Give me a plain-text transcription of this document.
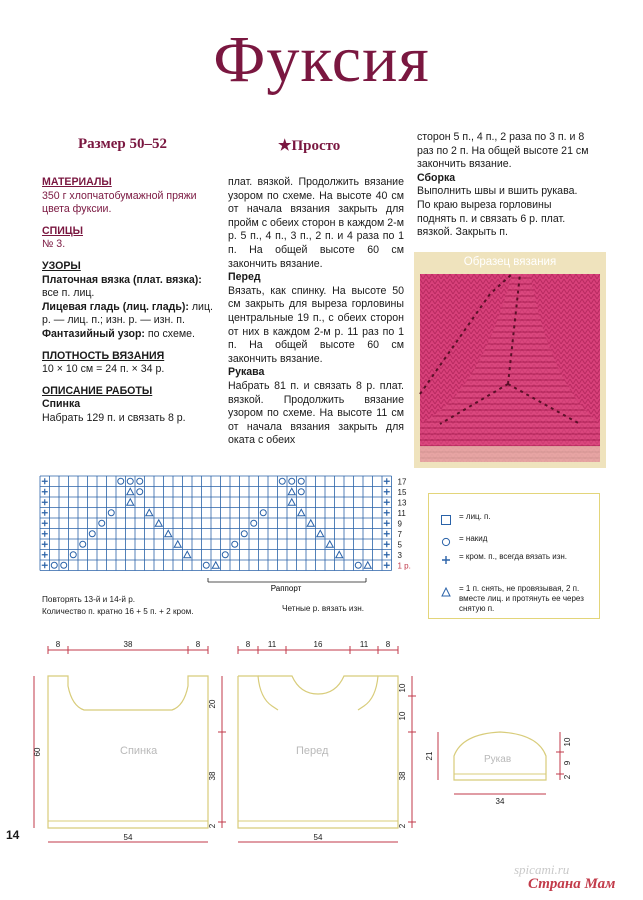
Фуксия
Размер 50–52	★Просто

МАТЕРИАЛЫ

350 г хлопчатобумажной пряжи цвета фуксии.

СПИЦЫ

№ 3.

УЗОРЫ

Платочная вязка (плат. вязка): все п. лиц.

Лицевая гладь (лиц. гладь): лиц. р. — лиц. п.; изн. р. — изн. п.

Фантазийный узор: по схеме.

ПЛОТНОСТЬ ВЯЗАНИЯ

10 × 10 см = 24 п. × 34 р.

ОПИСАНИЕ РАБОТЫ

Спинка

Набрать 129 п. и связать 8 р.

плат. вязкой. Продолжить вязание узором по схеме. На высоте 40 см от начала вязания закрыть для пройм с обеих сторон в каждом 2-м р. 5 п., 4 п., 3 п., 2 п. и 4 раза по 1 п. На общей высоте 60 см закончить вязание.

Перед

Вязать, как спинку. На высоте 50 см закрыть для выреза горловины центральные 19 п., с обеих сторон от них в каждом 2-м р. 11 раз по 1 п. На общей высоте 60 см закончить вязание.

Рукава

Набрать 81 п. и связать 8 р. плат. вязкой. Продолжить вязание узором по схеме. На высоте 11 см от начала вязания закрыть для оката с обеих

сторон 5 п., 4 п., 2 раза по 3 п. и 8 раз по 2 п. На общей высоте 21 см закончить вязание.

Сборка

Выполнить швы и вшить рукава. По краю выреза горловины поднять п. и связать 6 р. плат. вязкой. Закрыть п.

Образец вязания
17
15
13
11
9
7
5
3
1 р.
Раппорт
Повторять 13-й и 14-й р.
Количество п. кратно 16 + 5 п. + 2 кром.	Четные р. вязать изн.
= лиц. п.
= накид
= кром. п., всегда вязать изн.
= 1 п. снять, не провязывая, 2 п. вместе лиц. и протянуть ее через снятую п.
Спинка
8	38	8
54
60
20
38
2
Перед
8 11	16	11 8
54
10
10
38
2
Рукав
21
10
9
2
34
14
spicami.ru
Страна Мам
